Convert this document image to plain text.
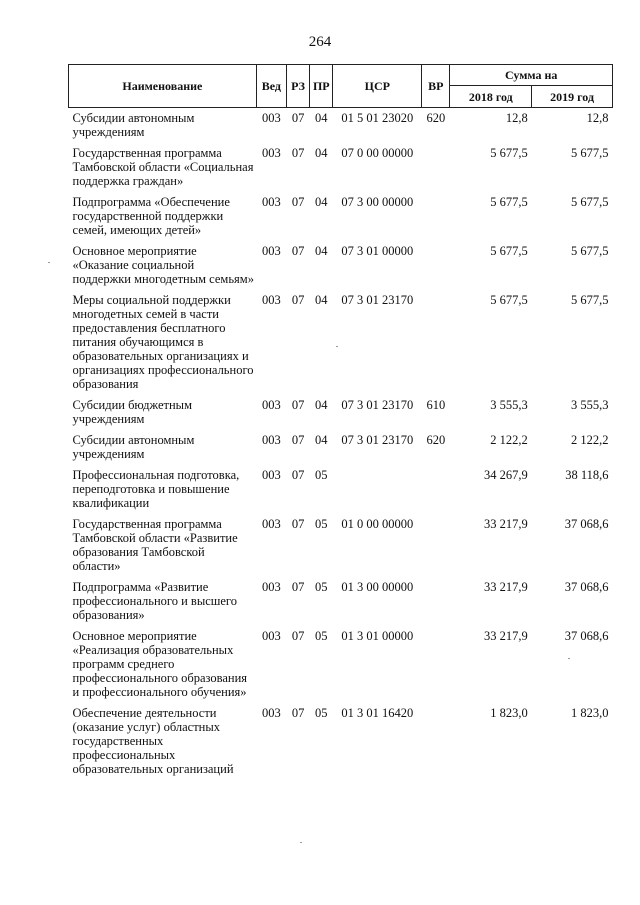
264
Наименование	Вед	РЗ	ПР	ЦСР	ВР	Сумма на	
						2018 год	2019 год
Субсидии автономным учреждениям	003	07	04	01 5 01 23020	620	12,8	12,8
Государственная программа Тамбовской области «Социальная поддержка граждан»	003	07	04	07 0 00 00000		5 677,5	5 677,5
Подпрограмма «Обеспечение государственной поддержки семей, имеющих детей»	003	07	04	07 3 00 00000		5 677,5	5 677,5
Основное мероприятие «Оказание социальной поддержки многодетным семьям»	003	07	04	07 3 01 00000		5 677,5	5 677,5
Меры социальной поддержки многодетных семей в части предоставления бесплатного питания обучающимся в образовательных организациях и организациях профессионального образования	003	07	04	07 3 01 23170		5 677,5	5 677,5
Субсидии бюджетным учреждениям	003	07	04	07 3 01 23170	610	3 555,3	3 555,3
Субсидии автономным учреждениям	003	07	04	07 3 01 23170	620	2 122,2	2 122,2
Профессиональная подготовка, переподготовка и повышение квалификации	003	07	05			34 267,9	38 118,6
Государственная программа Тамбовской области «Развитие образования Тамбовской области»	003	07	05	01 0 00 00000		33 217,9	37 068,6
Подпрограмма «Развитие профессионального и высшего образования»	003	07	05	01 3 00 00000		33 217,9	37 068,6
Основное мероприятие «Реализация образовательных программ среднего профессионального образования и профессионального обучения»	003	07	05	01 3 01 00000		33 217,9	37 068,6
Обеспечение деятельности (оказание услуг) областных государственных профессиональных образовательных организаций	003	07	05	01 3 01 16420		1 823,0	1 823,0
